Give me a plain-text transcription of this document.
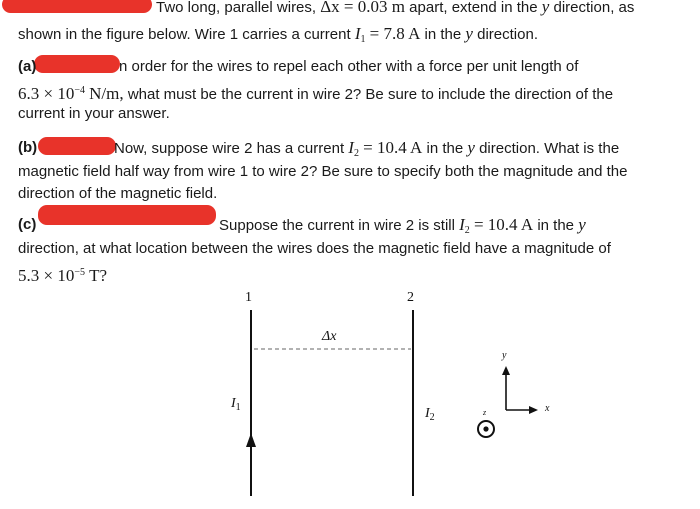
Two long, parallel wires, Δx = 0.03 m apart, extend in the y direction, as
shown in the figure below. Wire 1 carries a current $I_1 = 7.8$ A in the y direction.
(a)	n order for the wires to repel each other with a force per unit length of
$6.3 \times 10^{-4}$ N/m, what must be the current in wire 2? Be sure to include the direction of the
current in your answer.
(b)	Now, suppose wire 2 has a current $I_2 = 10.4$ A in the y direction. What is the
magnetic field half way from wire 1 to wire 2? Be sure to specify both the magnitude and the
direction of the magnetic field.
(c)	Suppose the current in wire 2 is still $I_2 = 10.4$ A in the y
direction, at what location between the wires does the magnetic field have a magnitude of
$5.3 \times 10^{-5}$ T?
1	2
Δx
$I_1$	$I_2$
y
x
z
